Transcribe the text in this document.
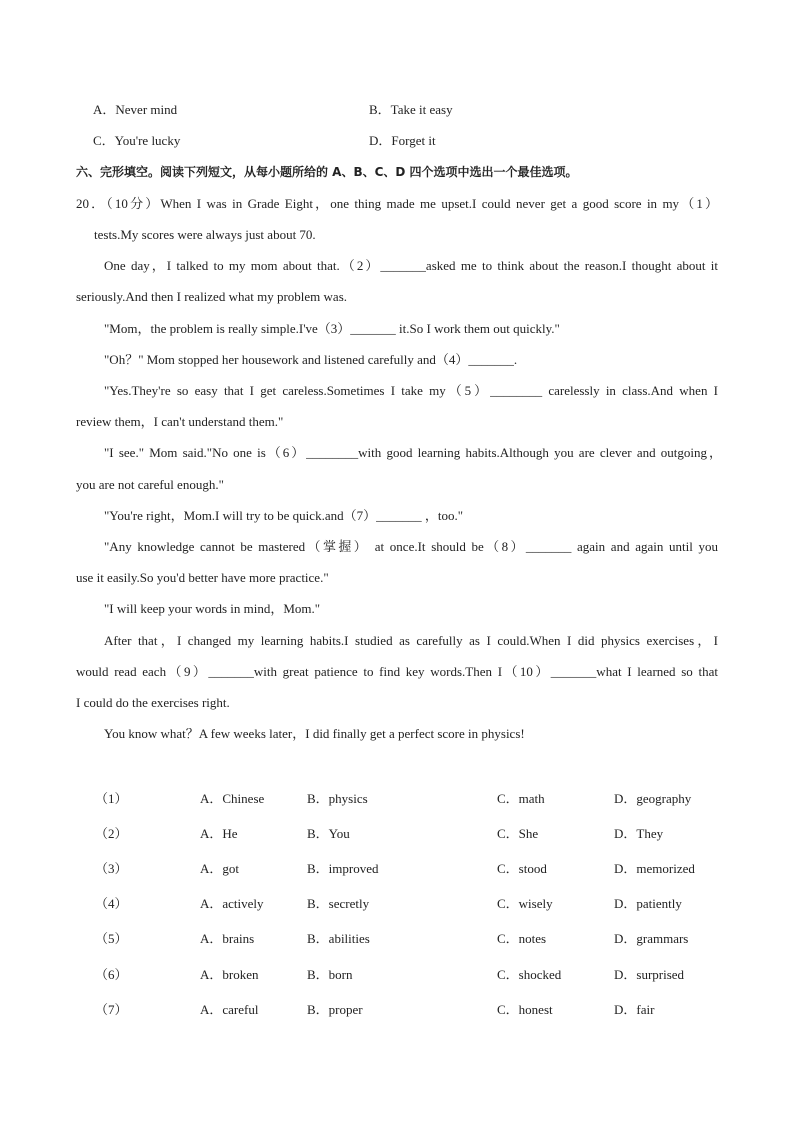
A．Never mind	B．Take it easy
C．You're lucky	D．Forget it
六、完形填空。阅读下列短文，从每小题所给的 A、B、C、D 四个选项中选出一个最佳选项。
20．（10分）When I was in Grade Eight，one thing made me upset.I could never get a good score in my（1）
tests.My scores were always just about 70.
One day，I talked to my mom about that.（2）_______asked me to think about the reason.I thought about it
seriously.And then I realized what my problem was.
"Mom，the problem is really simple.I've（3）_______ it.So I work them out quickly."
"Oh？" Mom stopped her housework and listened carefully and（4）_______.
"Yes.They're so easy that I get careless.Sometimes I take my（5）________ carelessly in class.And when I
review them，I can't understand them."
"I see." Mom said."No one is（6）________with good learning habits.Although you are clever and outgoing，
you are not careful enough."
"You're right，Mom.I will try to be quick.and（7）_______ ，too."
"Any knowledge cannot be mastered（掌握） at once.It should be（8）_______ again and again until you
use it easily.So you'd better have more practice."
"I will keep your words in mind，Mom."
After that，I changed my learning habits.I studied as carefully as I could.When I did physics exercises，I
would read each（9）_______with great patience to find key words.Then I（10）_______what I learned so that
I could do the exercises right.
You know what？A few weeks later，I did finally get a perfect score in physics!
（1）	A．Chinese	B．physics	C．math	D．geography
（2）	A．He	B．You	C．She	D．They
（3）	A．got	B．improved	C．stood	D．memorized
（4）	A．actively	B．secretly	C．wisely	D．patiently
（5）	A．brains	B．abilities	C．notes	D．grammars
（6）	A．broken	B．born	C．shocked	D．surprised
（7）	A．careful	B．proper	C．honest	D．fair
